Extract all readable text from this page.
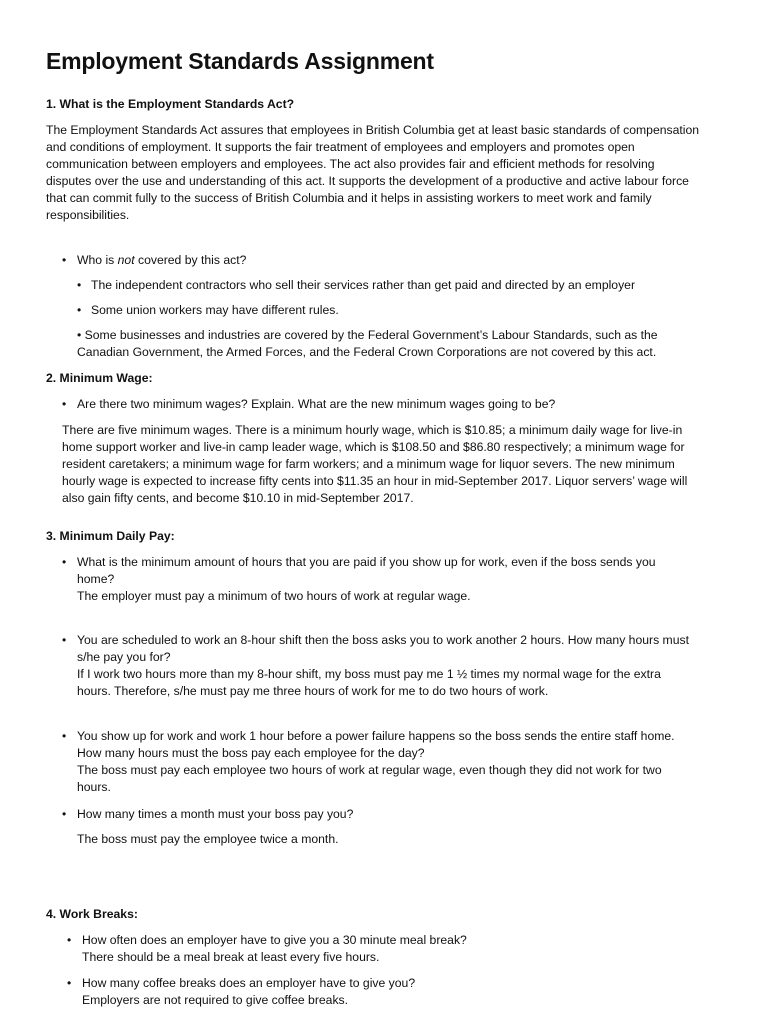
Employment Standards Assignment
1. What is the Employment Standards Act?
The Employment Standards Act assures that employees in British Columbia get at least basic standards of compensation
and conditions of employment. It supports the fair treatment of employees and employers and promotes open
communication between employers and employees. The act also provides fair and efficient methods for resolving
disputes over the use and understanding of this act. It supports the development of a productive and active labour force
that can commit fully to the success of British Columbia and it helps in assisting workers to meet work and family
responsibilities.
• Who is not covered by this act?
• The independent contractors who sell their services rather than get paid and directed by an employer
• Some union workers may have different rules.
• Some businesses and industries are covered by the Federal Government’s Labour Standards, such as the
Canadian Government, the Armed Forces, and the Federal Crown Corporations are not covered by this act.
2. Minimum Wage:
• Are there two minimum wages? Explain. What are the new minimum wages going to be?
There are five minimum wages. There is a minimum hourly wage, which is $10.85; a minimum daily wage for live-in
home support worker and live-in camp leader wage, which is $108.50 and $86.80 respectively; a minimum wage for
resident caretakers; a minimum wage for farm workers; and a minimum wage for liquor severs. The new minimum
hourly wage is expected to increase fifty cents into $11.35 an hour in mid-September 2017. Liquor servers’ wage will
also gain fifty cents, and become $10.10 in mid-September 2017.
3. Minimum Daily Pay:
• What is the minimum amount of hours that you are paid if you show up for work, even if the boss sends you
home?
The employer must pay a minimum of two hours of work at regular wage.
• You are scheduled to work an 8-hour shift then the boss asks you to work another 2 hours. How many hours must
s/he pay you for?
If I work two hours more than my 8-hour shift, my boss must pay me 1 ½ times my normal wage for the extra
hours. Therefore, s/he must pay me three hours of work for me to do two hours of work.
• You show up for work and work 1 hour before a power failure happens so the boss sends the entire staff home.
How many hours must the boss pay each employee for the day?
The boss must pay each employee two hours of work at regular wage, even though they did not work for two
hours.
• How many times a month must your boss pay you?
The boss must pay the employee twice a month.
4. Work Breaks:
• How often does an employer have to give you a 30 minute meal break?
There should be a meal break at least every five hours.
• How many coffee breaks does an employer have to give you?
Employers are not required to give coffee breaks.
